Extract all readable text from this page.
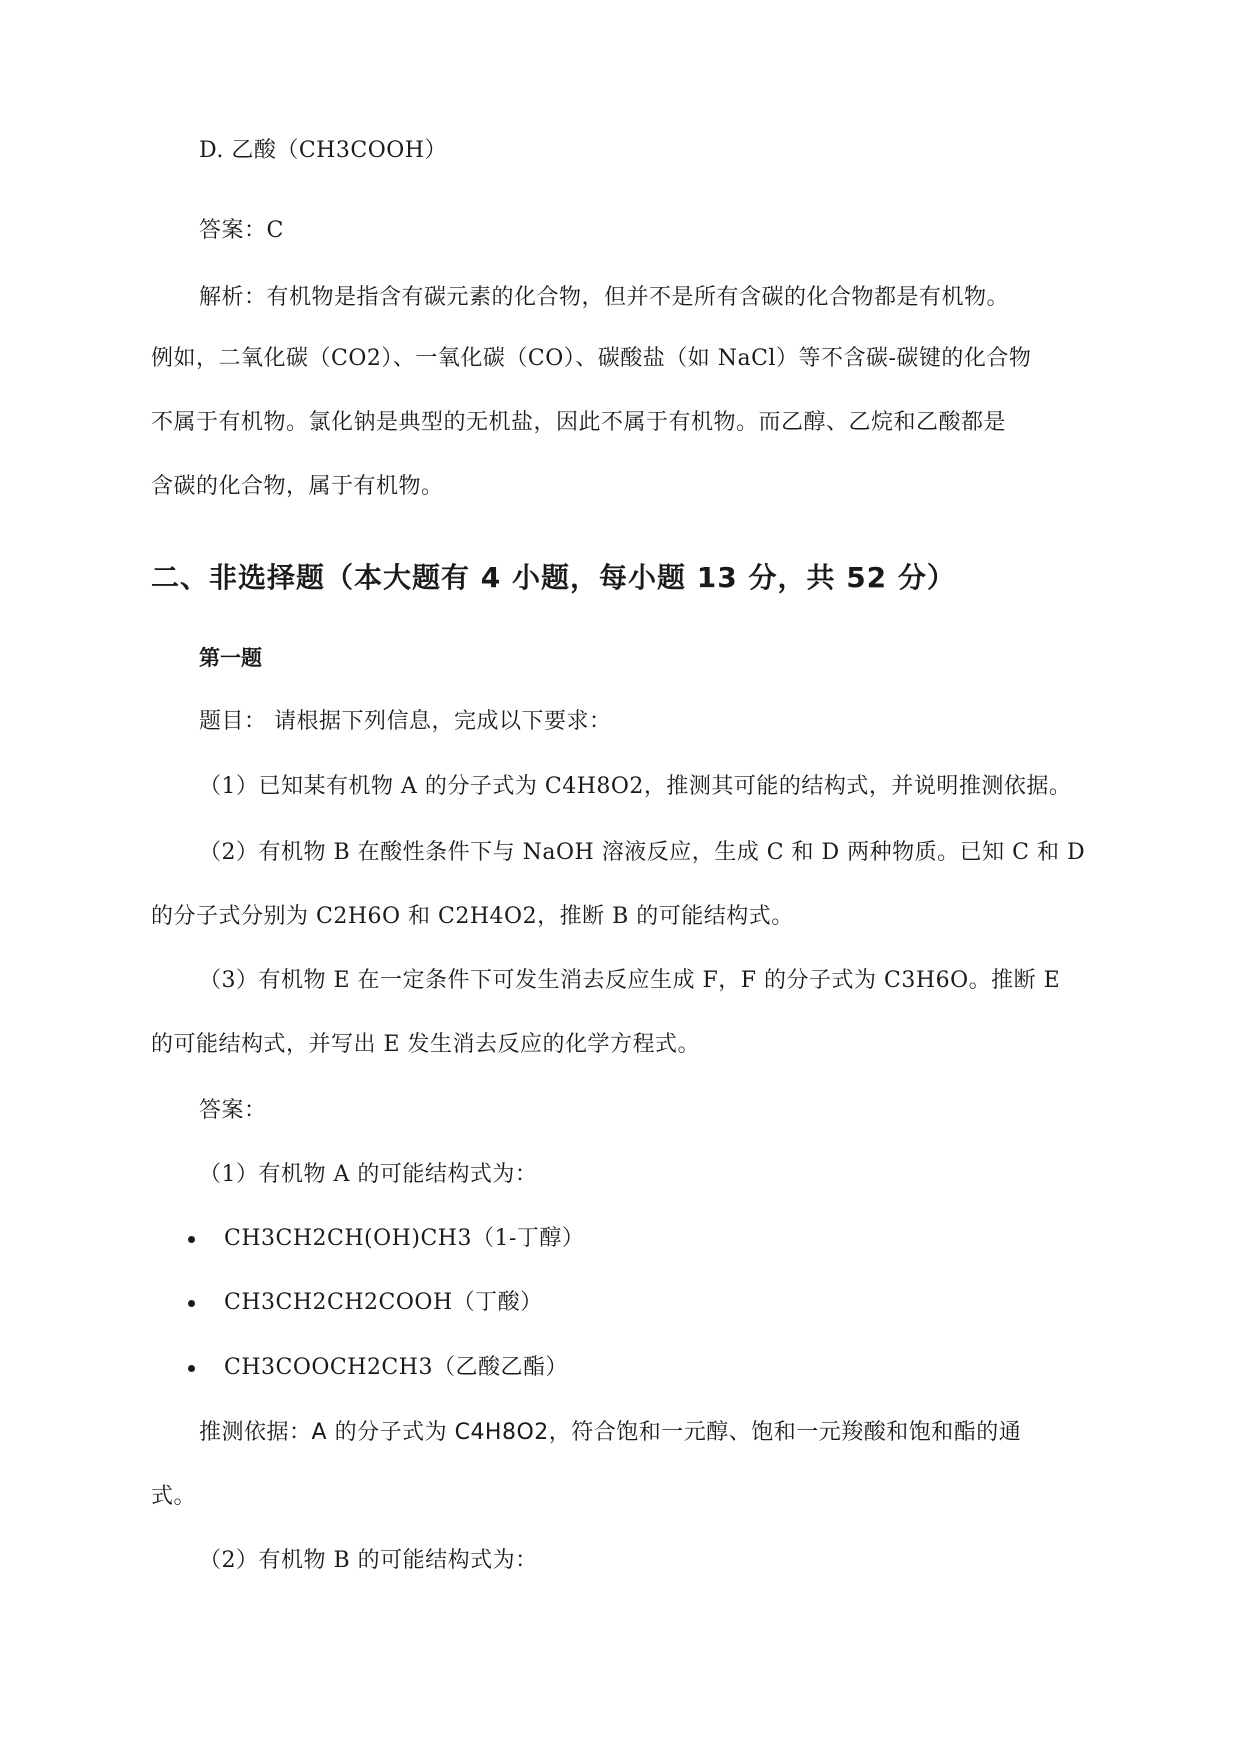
D. 乙酸（CH3COOH）
答案：C
解析：有机物是指含有碳元素的化合物，但并不是所有含碳的化合物都是有机物。
例如，二氧化碳（CO2）、一氧化碳（CO）、碳酸盐（如 NaCl）等不含碳-碳键的化合物
不属于有机物。氯化钠是典型的无机盐，因此不属于有机物。而乙醇、乙烷和乙酸都是
含碳的化合物，属于有机物。
二、非选择题（本大题有 4 小题，每小题 13 分，共 52 分）
第一题
题目： 请根据下列信息，完成以下要求：
（1）已知某有机物 A 的分子式为 C4H8O2，推测其可能的结构式，并说明推测依据。
（2）有机物 B 在酸性条件下与 NaOH 溶液反应，生成 C 和 D 两种物质。已知 C 和 D
的分子式分别为 C2H6O 和 C2H4O2，推断 B 的可能结构式。
（3）有机物 E 在一定条件下可发生消去反应生成 F，F 的分子式为 C3H6O。推断 E
的可能结构式，并写出 E 发生消去反应的化学方程式。
答案：
（1）有机物 A 的可能结构式为：
CH3CH2CH(OH)CH3（1-丁醇）
CH3CH2CH2COOH（丁酸）
CH3COOCH2CH3（乙酸乙酯）
推测依据：A 的分子式为 C4H8O2，符合饱和一元醇、饱和一元羧酸和饱和酯的通
式。
（2）有机物 B 的可能结构式为：
